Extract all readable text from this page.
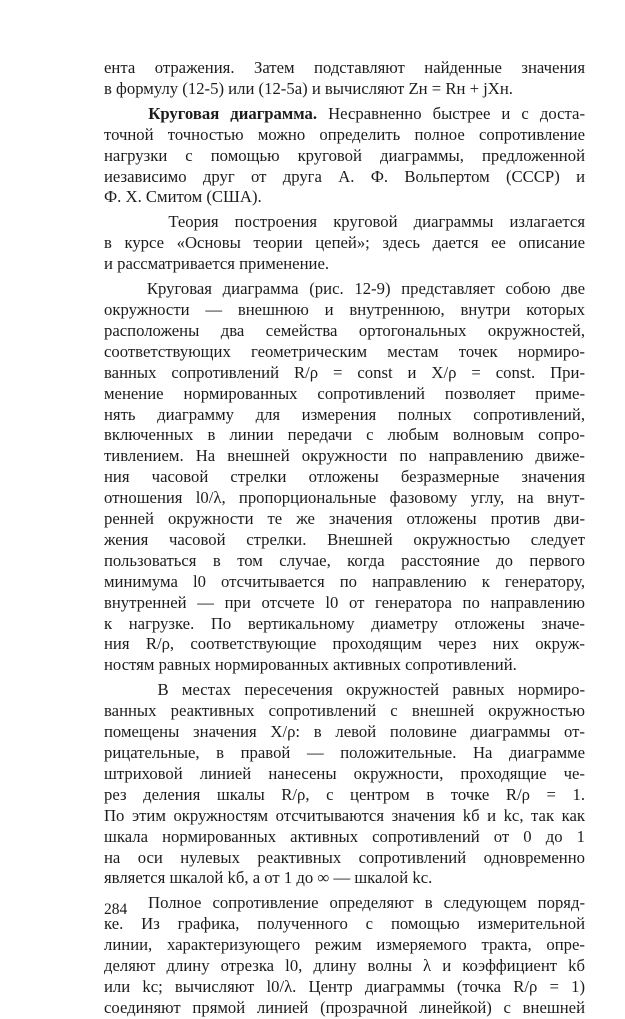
ента отражения. Затем подставляют найденные значения
в формулу (12-5) или (12-5а) и вычисляют Zн = Rн + jXн.
Круговая диаграмма. Несравненно быстрее и с доста-
точной точностью можно определить полное сопротивление
нагрузки с помощью круговой диаграммы, предложенной
иезависимо друг от друга А. Ф. Вольпертом (СССР) и
Ф. Х. Смитом (США).
Теория построения круговой диаграммы излагается
в курсе «Основы теории цепей»; здесь дается ее описание
и рассматривается применение.
Круговая диаграмма (рис. 12-9) представляет собою две
окружности — внешнюю и внутреннюю, внутри которых
расположены два семейства ортогональных окружностей,
соответствующих геометрическим местам точек нормиро-
ванных сопротивлений R/ρ = const и X/ρ = const. При-
менение нормированных сопротивлений позволяет приме-
нять диаграмму для измерения полных сопротивлений,
включенных в линии передачи с любым волновым сопро-
тивлением. На внешней окружности по направлению движе-
ния часовой стрелки отложены безразмерные значения
отношения l0/λ, пропорциональные фазовому углу, на внут-
ренней окружности те же значения отложены против дви-
жения часовой стрелки. Внешней окружностью следует
пользоваться в том случае, когда расстояние до первого
минимума l0 отсчитывается по направлению к генератору,
внутренней — при отсчете l0 от генератора по направлению
к нагрузке. По вертикальному диаметру отложены значе-
ния R/ρ, соответствующие проходящим через них окруж-
ностям равных нормированных активных сопротивлений.
В местах пересечения окружностей равных нормиро-
ванных реактивных сопротивлений с внешней окружностью
помещены значения X/ρ: в левой половине диаграммы от-
рицательные, в правой — положительные. На диаграмме
штриховой линией нанесены окружности, проходящие че-
рез деления шкалы R/ρ, с центром в точке R/ρ = 1.
По этим окружностям отсчитываются значения kб и kс, так как
шкала нормированных активных сопротивлений от 0 до 1
на оси нулевых реактивных сопротивлений одновременно
является шкалой kб, а от 1 до ∞ — шкалой kс.
Полное сопротивление определяют в следующем поряд-
ке. Из графика, полученного с помощью измерительной
линии, характеризующего режим измеряемого тракта, опре-
деляют длину отрезка l0, длину волны λ и коэффициент kб
или kс; вычисляют l0/λ. Центр диаграммы (точка R/ρ = 1)
соединяют прямой линией (прозрачной линейкой) с внешней
284
